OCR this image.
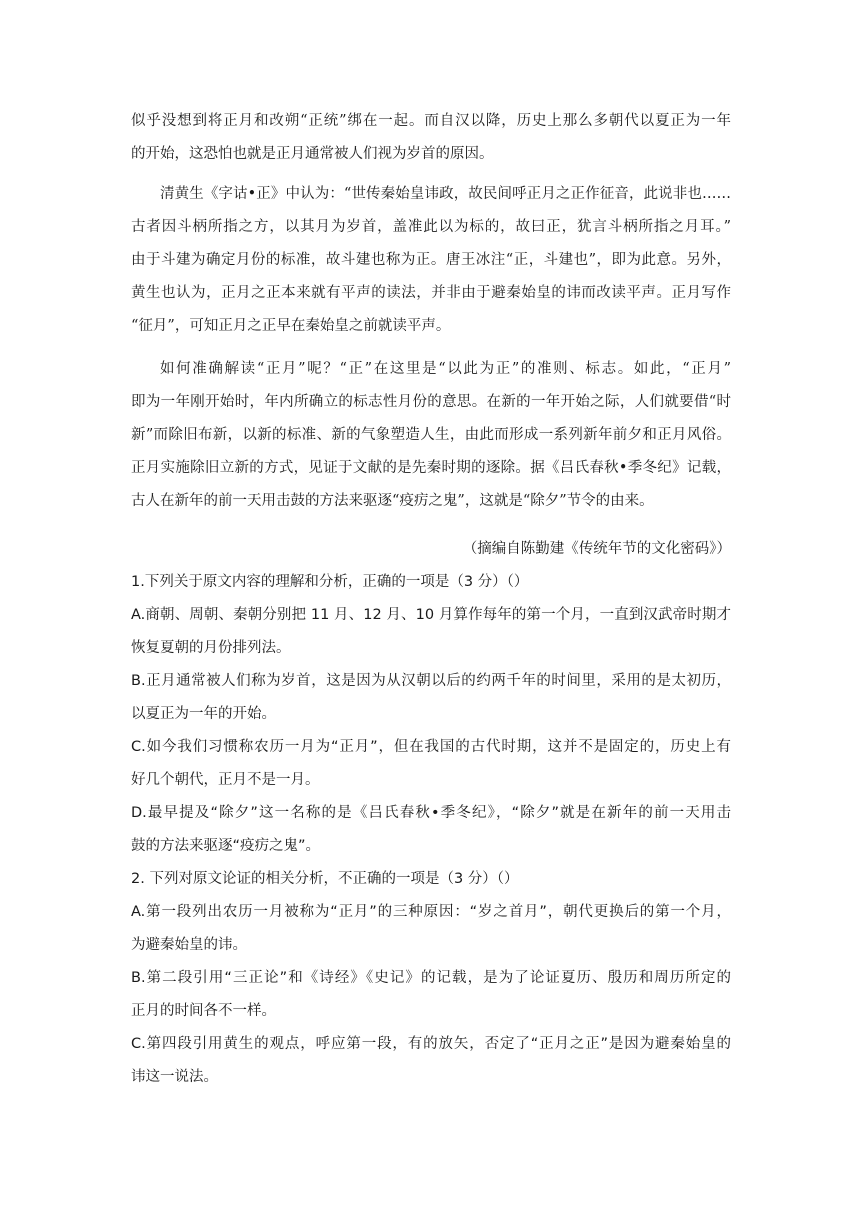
似乎没想到将正月和改朔“正统”绑在一起。而自汉以降，历史上那么多朝代以夏正为一年
的开始，这恐怕也就是正月通常被人们视为岁首的原因。
清黄生《字诂•正》中认为：“世传秦始皇讳政，故民间呼正月之正作征音，此说非也……
古者因斗柄所指之方，以其月为岁首，盖准此以为标的，故曰正，犹言斗柄所指之月耳。”
由于斗建为确定月份的标准，故斗建也称为正。唐王冰注“正，斗建也”，即为此意。另外，
黄生也认为，正月之正本来就有平声的读法，并非由于避秦始皇的讳而改读平声。正月写作
“征月”，可知正月之正早在秦始皇之前就读平声。
如何准确解读“正月”呢？“正”在这里是“以此为正”的准则、标志。如此，“正月”
即为一年刚开始时，年内所确立的标志性月份的意思。在新的一年开始之际，人们就要借“时
新”而除旧布新，以新的标准、新的气象塑造人生，由此而形成一系列新年前夕和正月风俗。
正月实施除旧立新的方式，见证于文献的是先秦时期的逐除。据《吕氏春秋•季冬纪》记载，
古人在新年的前一天用击鼓的方法来驱逐“疫疠之鬼”，这就是“除夕”节令的由来。
（摘编自陈勤建《传统年节的文化密码》）
1.下列关于原文内容的理解和分析，正确的一项是（3 分）（）
A.商朝、周朝、秦朝分别把 11 月、12 月、10 月算作每年的第一个月，一直到汉武帝时期才
恢复夏朝的月份排列法。
B.正月通常被人们称为岁首，这是因为从汉朝以后的约两千年的时间里，采用的是太初历，
以夏正为一年的开始。
C.如今我们习惯称农历一月为“正月”，但在我国的古代时期，这并不是固定的，历史上有
好几个朝代，正月不是一月。
D.最早提及“除夕”这一名称的是《吕氏春秋•季冬纪》，“除夕”就是在新年的前一天用击
鼓的方法来驱逐“疫疠之鬼”。
2. 下列对原文论证的相关分析，不正确的一项是（3 分）（）
A.第一段列出农历一月被称为“正月”的三种原因：“岁之首月”，朝代更换后的第一个月，
为避秦始皇的讳。
B.第二段引用“三正论”和《诗经》《史记》的记载，是为了论证夏历、殷历和周历所定的
正月的时间各不一样。
C.第四段引用黄生的观点，呼应第一段，有的放矢，否定了“正月之正”是因为避秦始皇的
讳这一说法。
